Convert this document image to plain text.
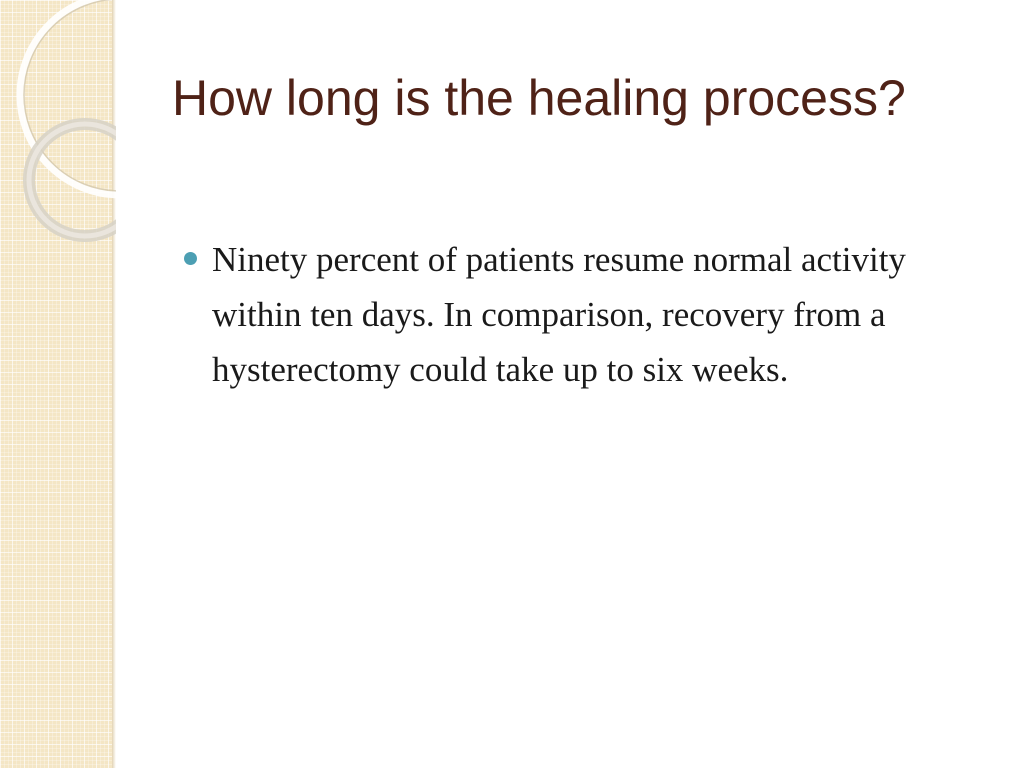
How long is the healing process?
Ninety percent of patients resume normal activity within ten days. In comparison, recovery from a hysterectomy could take up to six weeks.
